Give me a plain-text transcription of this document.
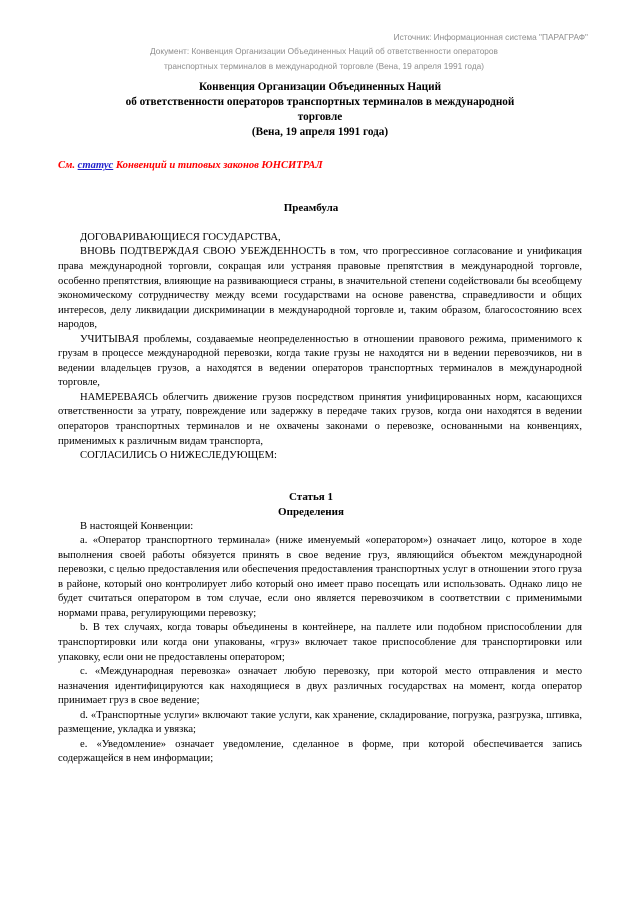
Источник: Информационная система "ПАРАГРАФ"
Документ: Конвенция Организации Объединенных Наций об ответственности операторов
транспортных терминалов в международной торговле (Вена, 19 апреля 1991 года)
Конвенция Организации Объединенных Наций
об ответственности операторов транспортных терминалов в международной
торговле
(Вена, 19 апреля 1991 года)
См. статус Конвенций и типовых законов ЮНСИТРАЛ
Преамбула

ДОГОВАРИВАЮЩИЕСЯ ГОСУДАРСТВА,

ВНОВЬ ПОДТВЕРЖДАЯ СВОЮ УБЕЖДЕННОСТЬ в том, что прогрессивное согласование и унификация права международной торговли, сокращая или устраняя правовые препятствия в международной торговле, особенно препятствия, влияющие на развивающиеся страны, в значительной степени содействовали бы всеобщему экономическому сотрудничеству между всеми государствами на основе равенства, справедливости и общих интересов, делу ликвидации дискриминации в международной торговле и, таким образом, благосостоянию всех народов,

УЧИТЫВАЯ проблемы, создаваемые неопределенностью в отношении правового режима, применимого к грузам в процессе международной перевозки, когда такие грузы не находятся ни в ведении перевозчиков, ни в ведении владельцев грузов, а находятся в ведении операторов транспортных терминалов в международной торговле,

НАМЕРЕВАЯСЬ облегчить движение грузов посредством принятия унифицированных норм, касающихся ответственности за утрату, повреждение или задержку в передаче таких грузов, когда они находятся в ведении операторов транспортных терминалов и не охвачены законами о перевозке, основанными на конвенциях, применимых к различным видам транспорта,

СОГЛАСИЛИСЬ О НИЖЕСЛЕДУЮЩЕМ:

Статья 1
Определения

В настоящей Конвенции:

a. «Оператор транспортного терминала» (ниже именуемый «оператором») означает лицо, которое в ходе выполнения своей работы обязуется принять в свое ведение груз, являющийся объектом международной перевозки, с целью предоставления или обеспечения предоставления транспортных услуг в отношении этого груза в районе, который оно контролирует либо который оно имеет право посещать или использовать. Однако лицо не будет считаться оператором в том случае, если оно является перевозчиком в соответствии с применимыми нормами права, регулирующими перевозку;

b. В тех случаях, когда товары объединены в контейнере, на паллете или подобном приспособлении для транспортировки или когда они упакованы, «груз» включает такое приспособление для транспортировки или упаковку, если они не предоставлены оператором;

c. «Международная перевозка» означает любую перевозку, при которой место отправления и место назначения идентифицируются как находящиеся в двух различных государствах на момент, когда оператор принимает груз в свое ведение;

d. «Транспортные услуги» включают такие услуги, как хранение, складирование, погрузка, разгрузка, штивка, размещение, укладка и увязка;

e. «Уведомление» означает уведомление, сделанное в форме, при которой обеспечивается запись содержащейся в нем информации;
